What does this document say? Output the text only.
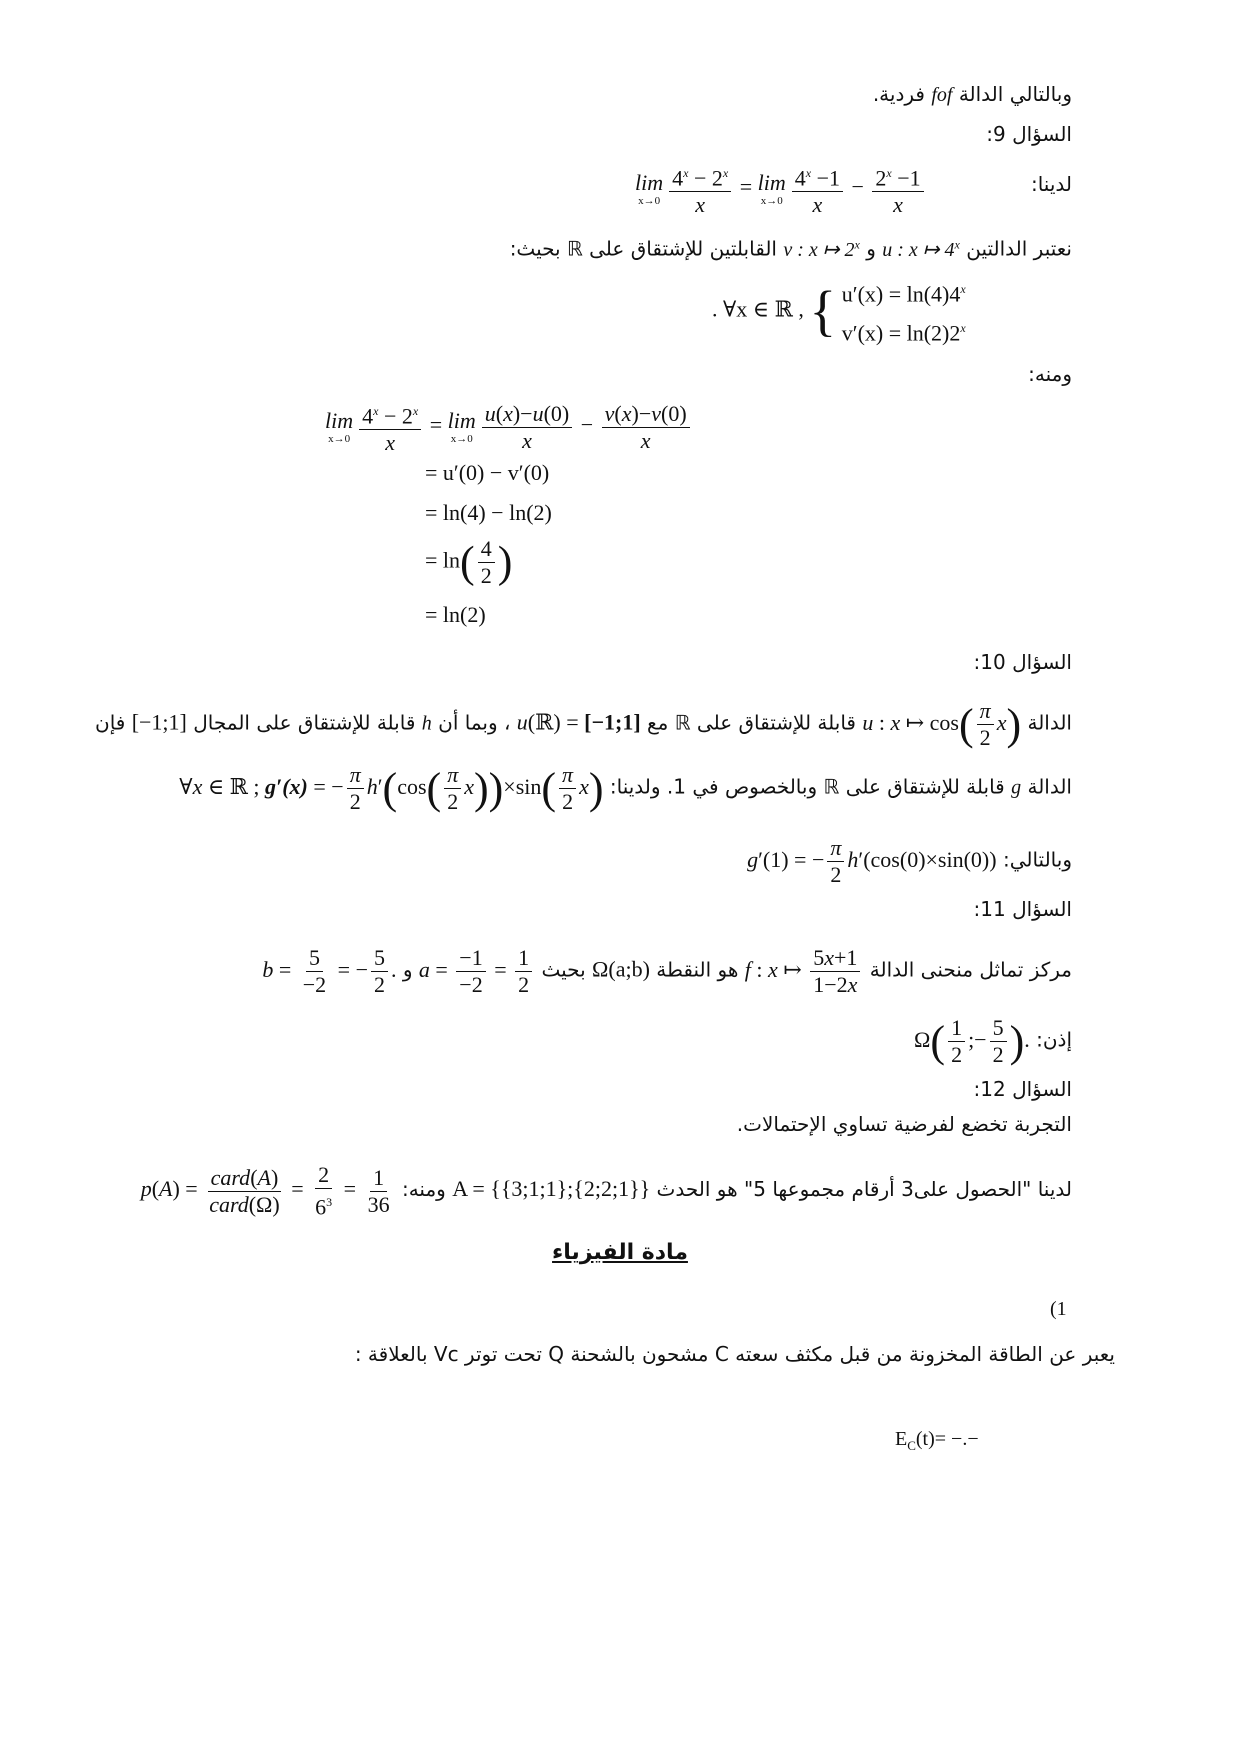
وبالتالي الدالة fof فردية.
السؤال 9:
لدينا:
lim
$x\to 0 \frac{4^x - 2^x}{x} = \lim$
$x\to 0 \frac{4^x -1}{x} - \frac{2^x -1}{x}$
نعتبر الدالتين u : x ↦ 4$^x$ و v : x ↦ 2$^x$ القابلتين للإشتقاق على ℝ بحيث:
. ∀x ∈ ℝ , { $u'(x) = \ln(4)4^x$
$v'(x) = \ln(2)2^x$
ومنه:
lim
$x\to 0 \frac{4^x - 2^x}{x} = \lim$
$x\to 0 \frac{u(x)-u(0)}{x} - \frac{v(x)-v(0)}{x}$
= u′(0) − v′(0)
= ln(4) − ln(2)
= $\ln( \frac{4}{2}$ )
= ln(2)
السؤال 10:
الدالة u : x ↦ $\cos( \frac{\pi}{2} x)$ قابلة للإشتقاق على ℝ مع u(ℝ) = [−1;1] ، وبما أن h قابلة للإشتقاق على المجال [−1;1] فإن
الدالة g قابلة للإشتقاق على ℝ وبالخصوص في 1. ولدينا: ∀x ∈ ℝ ; g′(x) = − $\frac{\pi}{2} h'(\cos( \frac{\pi}{2} x))\times\sin( \frac{\pi}{2} x)$
وبالتالي: g′(1) = − $\frac{\pi}{2} h'(\cos(0)\times\sin(0))$
السؤال 11:
مركز تماثل منحنى الدالة f : x ↦ $\frac{5x+1}{1-2x}$
هو النقطة Ω(a;b) بحيث $a = \frac{-1}{-2} = \frac{1}{2}$
و $b = \frac{5}{-2}$ = − $\frac{5}{2}$ .
إذن: $\Omega( \frac{1}{2}$ ;− $\frac{5}{2}$ ).
السؤال 12:
التجربة تخضع لفرضية تساوي الإحتمالات.
لدينا "الحصول على3 أرقام مجموعها 5" هو الحدث A = {{3;1;1};{2;2;1}} ومنه: $p(A) = \frac{\text{card(A)}}{\text{card(Ω)}} = \frac{2}{6^3} = \frac{1}{36}$
مادة الفيزياء
(1
يعبر عن الطاقة المخزونة من قبل مكثف سعته C مشحون بالشحنة Q تحت توتر Vc بالعلاقة :
$E_C(t)=$ −.−
